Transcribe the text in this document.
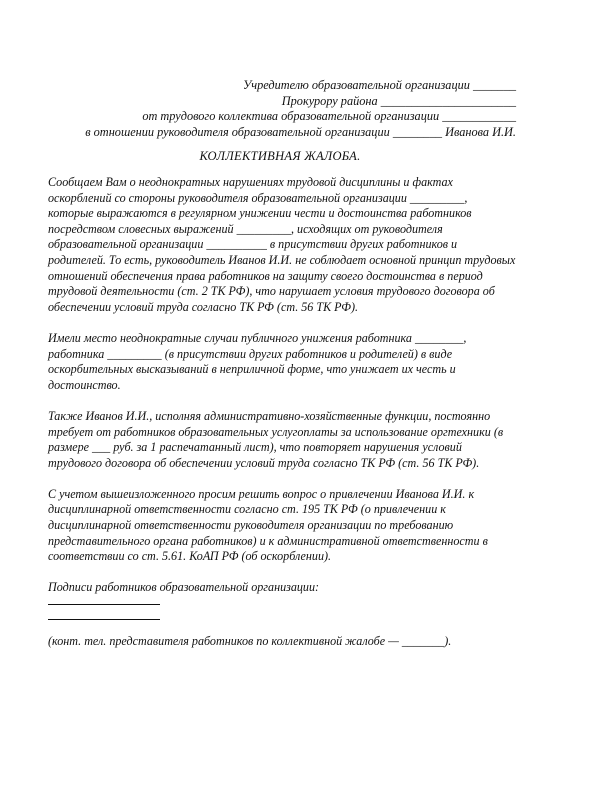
Учредителю образовательной организации _______
Прокурору района ______________________
от трудового коллектива образовательной организации ____________
в отношении руководителя образовательной организации ________ Иванова И.И.
КОЛЛЕКТИВНАЯ ЖАЛОБА.
Сообщаем Вам о неоднократных нарушениях трудовой дисциплины и фактах
оскорблений со стороны руководителя образовательной организации _________,
которые выражаются в регулярном унижении чести и достоинства работников
посредством словесных выражений _________, исходящих от руководителя
образовательной организации __________ в присутствии других работников и
родителей. То есть, руководитель Иванов И.И. не соблюдает основной принцип трудовых
отношений обеспечения права работников на защиту своего достоинства в период
трудовой деятельности (ст. 2 ТК РФ), что нарушает условия трудового договора об
обеспечении условий труда согласно ТК РФ (ст. 56 ТК РФ).
Имели место неоднократные случаи публичного унижения работника ________,
работника _________ (в присутствии других работников и родителей) в виде
оскорбительных высказываний в неприличной форме, что унижает их честь и
достоинство.
Также Иванов И.И., исполняя административно-хозяйственные функции, постоянно
требует от работников образовательных услугоплаты за использование оргтехники (в
размере ___ руб. за 1 распечатанный лист), что повторяет нарушения условий
трудового договора об обеспечении условий труда согласно ТК РФ (ст. 56 ТК РФ).
С учетом вышеизложенного просим решить вопрос о привлечении Иванова И.И. к
дисциплинарной ответственности согласно ст. 195 ТК РФ (о привлечении к
дисциплинарной ответственности руководителя организации по требованию
представительного органа работников) и к административной ответственности в
соответствии со ст. 5.61. КоАП РФ (об оскорблении).
Подписи работников образовательной организации:
(конт. тел. представителя работников по коллективной жалобе — _______).
